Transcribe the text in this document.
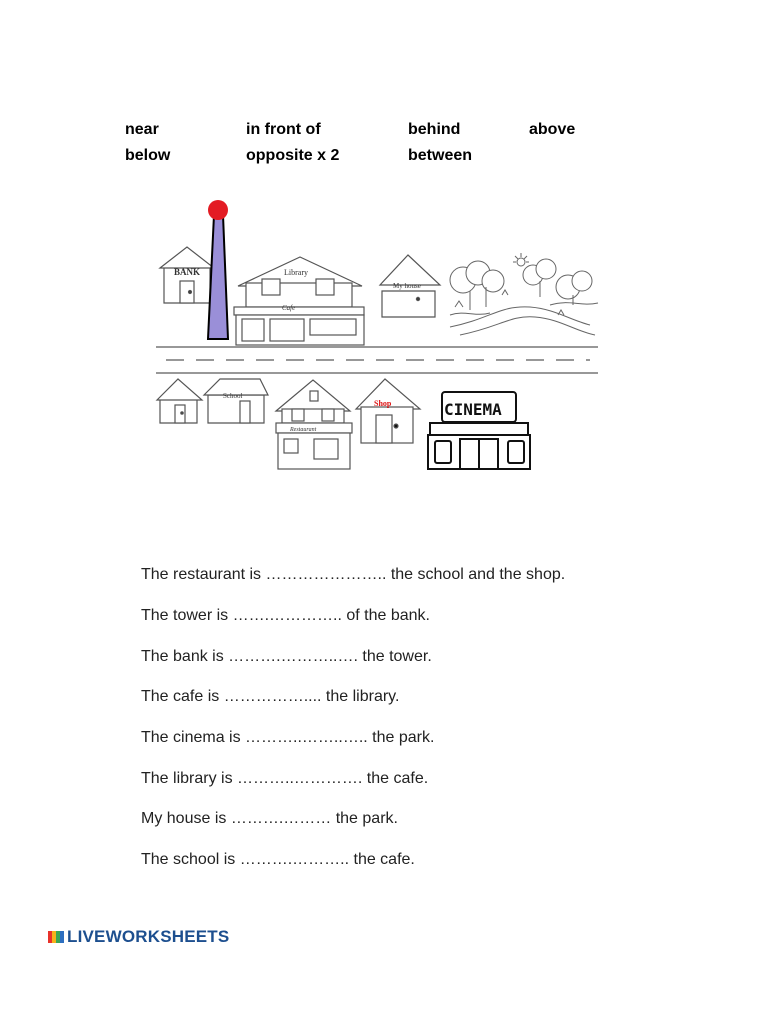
near	in front of	behind	above
below	opposite x 2	between
BANK	Library
Cafe
My house
School
Restaurant
Shop	CINEMA
The restaurant is ………………….. the school and the shop.
The tower is …….………….. of the bank.
The bank is ……….………..…. the tower.
The cafe is …………….... the library.
The cinema is ………..……..….. the park.
The library is ………..…………. the cafe.
My house is ……….……… the park.
The school is ……….……….. the cafe.
LIVEWORKSHEETS
